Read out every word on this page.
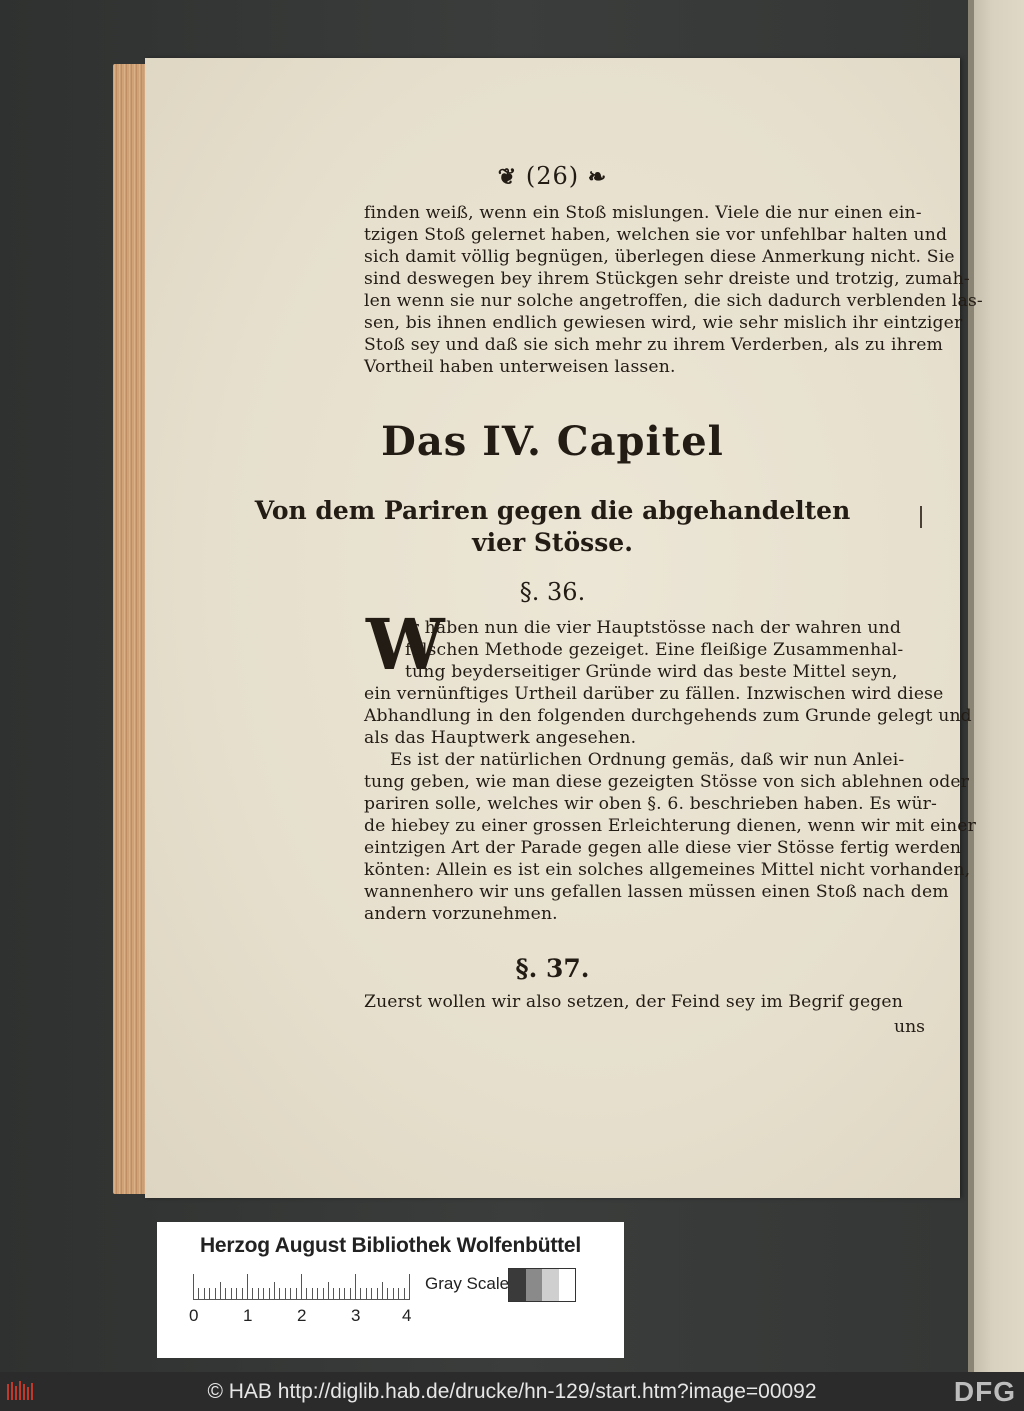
❦ (26) ❧
finden weiß, wenn ein Stoß mislungen. Viele die nur einen ein-
tzigen Stoß gelernet haben, welchen sie vor unfehlbar halten und
sich damit völlig begnügen, überlegen diese Anmerkung nicht. Sie
sind deswegen bey ihrem Stückgen sehr dreiste und trotzig, zumah-
len wenn sie nur solche angetroffen, die sich dadurch verblenden las-
sen, bis ihnen endlich gewiesen wird, wie sehr mislich ihr eintziger
Stoß sey und daß sie sich mehr zu ihrem Verderben, als zu ihrem
Vortheil haben unterweisen lassen.
Das IV. Capitel
Von dem Pariren gegen die abgehandelten
vier Stösse.
§. 36.
W
ir haben nun die vier Hauptstösse nach der wahren und
falschen Methode gezeiget. Eine fleißige Zusammenhal-
tung beyderseitiger Gründe wird das beste Mittel seyn,
ein vernünftiges Urtheil darüber zu fällen. Inzwischen wird diese
Abhandlung in den folgenden durchgehends zum Grunde gelegt und
als das Hauptwerk angesehen.
Es ist der natürlichen Ordnung gemäs, daß wir nun Anlei-
tung geben, wie man diese gezeigten Stösse von sich ablehnen oder
pariren solle, welches wir oben §. 6. beschrieben haben. Es wür-
de hiebey zu einer grossen Erleichterung dienen, wenn wir mit einer
eintzigen Art der Parade gegen alle diese vier Stösse fertig werden
könten: Allein es ist ein solches allgemeines Mittel nicht vorhanden,
wannenhero wir uns gefallen lassen müssen einen Stoß nach dem
andern vorzunehmen.
§. 37.
Zuerst wollen wir also setzen, der Feind sey im Begrif gegen
uns
Herzog August Bibliothek Wolfenbüttel
0	1	2	3 4
Gray Scale
© HAB http://diglib.hab.de/drucke/hn-129/start.htm?image=00092	DFG
